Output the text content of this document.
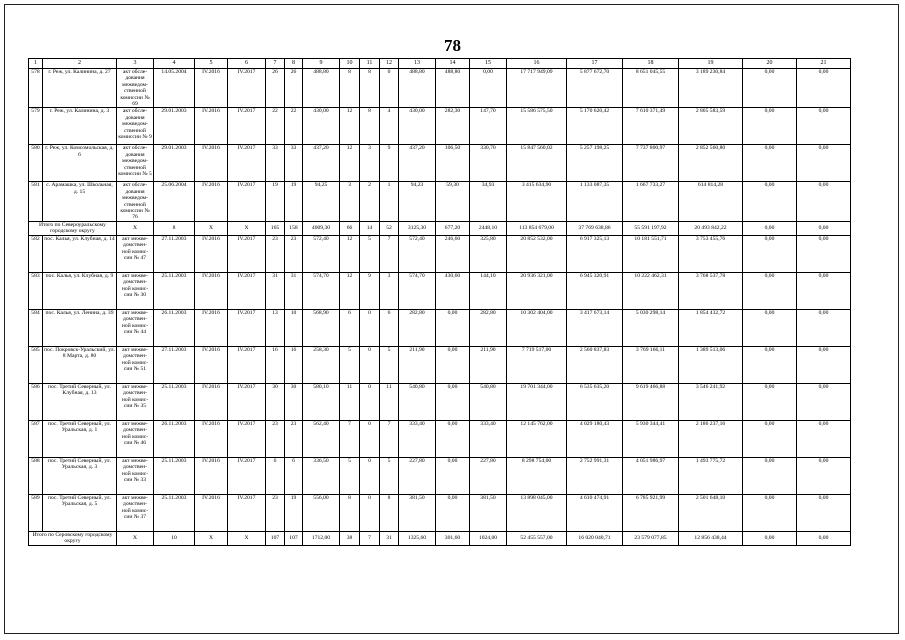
78
1	2	3	4	5	6	7	8	9	10	11	12	13	14	15	16	17	18	19	20	21
578	г. Реж, ул. Калинина, д. 27	акт обсле- дования межведом- ственной комиссии № 69	14.05.2004	IV.2016	IV.2017	26	26	488,80	8	8	0	488,80	488,80	0,00	17 717 949,09	5 877 672,70	8 651 045,55	3 189 230,84	0,00	0,00
579	г. Реж, ул. Калинина, д. 3	акт обсле- дования межведом- ственной комиссии № 9	29.01.2003	IV.2016	IV.2017	22	22	430,00	12	8	4	430,00	282,30	147,70	15 586 575,50	5 170 620,42	7 610 371,49	2 805 583,59	0,00	0,00
580	г. Реж, ул. Комсомольская, д. 6	акт обсле- дования межведом- ственной комиссии № 5	29.01.2003	IV.2016	IV.2017	33	33	437,20	12	3	9	437,20	106,50	330,70	15 847 560,02	5 257 198,25	7 737 800,97	2 852 560,80	0,00	0,00
581	с. Арамашка, ул. Школьная, д. 15	акт обсле- дования межведом- ственной комиссии № 76	25.06.2004	IV.2016	IV.2017	19	19	94,25	3	2	1	94,23	59,30	34,93	3 415 634,90	1 133 087,35	1 667 733,27	614 814,28	0,00	0,00
Итого по Североуральскому городскому округу		X	8	X	X	165	158	4009,30	66	14	52	3125,30	677,20	2448,10	113 854 679,00	37 769 638,86	55 591 197,92	20 493 842,22	0,00	0,00
582	пос. Калья, ул. Клубная, д. 14	акт межве- домствен- ной комис- сии № 47	27.11.2003	IV.2016	IV.2017	23	23	572,40	12	5	7	572,40	246,60	325,80	20 852 532,00	6 917 325,13	10 181 551,71	3 753 455,76	0,00	0,00
583	пос. Калья, ул. Клубная, д. 9	акт межве- домствен- ной комис- сии № 30	25.11.2003	IV.2016	IV.2017	31	31	574,70	12	9	3	574,70	430,60	144,10	20 936 321,00	6 945 320,91	10 222 462,31	3 768 537,78	0,00	0,00
584	пос. Калья, ул. Ленина, д. 39	акт межве- домствен- ной комис- сии № 44	26.11.2003	IV.2016	IV.2017	13	10	568,90	6	0	6	282,80	0,00	282,80	10 302 404,00	3 417 673,14	5 030 298,14	1 854 432,72	0,00	0,00
585	пос. Покровск-Уральский, ул. 8 Марта, д. 80	акт межве- домствен- ной комис- сии № 51	27.11.2003	IV.2016	IV.2017	16	16	258,30	5	0	5	211,90	0,00	211,90	7 719 517,00	2 560 837,83	3 769 166,11	1 389 513,06	0,00	0,00
586	пос. Третий Северный, ул. Клубная, д. 13	акт межве- домствен- ной комис- сии № 35	25.11.2003	IV.2016	IV.2017	30	30	580,10	11	0	11	540,80	0,00	540,80	19 701 344,00	6 535 635,20	9 619 466,88	3 546 241,92	0,00	0,00
587	пос. Третий Северный, ул. Уральская, д. 1	акт межве- домствен- ной комис- сии № 46	26.11.2003	IV.2016	IV.2017	23	23	562,40	7	0	7	333,40	0,00	333,40	12 145 762,00	4 029 180,43	5 930 344,41	2 186 237,16	0,00	0,00
588	пос. Третий Северный, ул. Уральская, д. 3	акт межве- домствен- ной комис- сии № 33	25.11.2003	IV.2016	IV.2017	6	6	336,50	5	0	5	227,80	0,00	227,80	8 298 754,00	2 752 991,31	4 051 986,97	1 493 775,72	0,00	0,00
589	пос. Третий Северный, ул. Уральская, д. 5	акт межве- домствен- ной комис- сии № 37	25.11.2003	IV.2016	IV.2017	23	19	556,00	8	0	8	381,50	0,00	381,50	13 898 045,00	4 610 474,91	6 785 921,99	2 501 648,10	0,00	0,00
Итого по Серовскому городскому округу		X	10	X	X	107	107	1712,00	38	7	31	1325,60	301,60	1024,00	52 455 557,00	16 020 040,71	23 579 077,85	12 856 438,44	0,00	0,00
